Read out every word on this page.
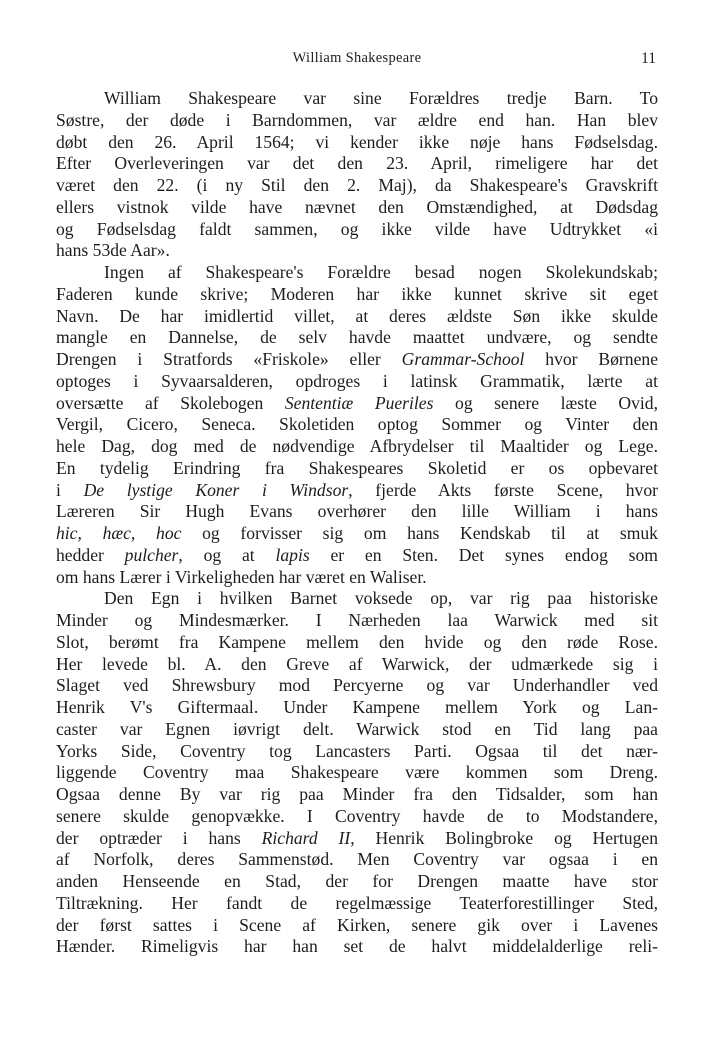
William Shakespeare	11
William Shakespeare var sine Forældres tredje Barn. To
Søstre, der døde i Barndommen, var ældre end han. Han blev
døbt den 26. April 1564; vi kender ikke nøje hans Fødselsdag.
Efter Overleveringen var det den 23. April, rimeligere har det
været den 22. (i ny Stil den 2. Maj), da Shakespeare's Gravskrift
ellers vistnok vilde have nævnet den Omstændighed, at Dødsdag
og Fødselsdag faldt sammen, og ikke vilde have Udtrykket «i
hans 53de Aar».
Ingen af Shakespeare's Forældre besad nogen Skolekundskab;
Faderen kunde skrive; Moderen har ikke kunnet skrive sit eget
Navn. De har imidlertid villet, at deres ældste Søn ikke skulde
mangle en Dannelse, de selv havde maattet undvære, og sendte
Drengen i Stratfords «Friskole» eller Grammar-School hvor Børnene
optoges i Syvaarsalderen, opdroges i latinsk Grammatik, lærte at
oversætte af Skolebogen Sententiæ Pueriles og senere læste Ovid,
Vergil, Cicero, Seneca. Skoletiden optog Sommer og Vinter den
hele Dag, dog med de nødvendige Afbrydelser til Maaltider og Lege.
En tydelig Erindring fra Shakespeares Skoletid er os opbevaret
i De lystige Koner i Windsor, fjerde Akts første Scene, hvor
Læreren Sir Hugh Evans overhører den lille William i hans
hic, hæc, hoc og forvisser sig om hans Kendskab til at smuk
hedder pulcher, og at lapis er en Sten. Det synes endog som
om hans Lærer i Virkeligheden har været en Waliser.
Den Egn i hvilken Barnet voksede op, var rig paa historiske
Minder og Mindesmærker. I Nærheden laa Warwick med sit
Slot, berømt fra Kampene mellem den hvide og den røde Rose.
Her levede bl. A. den Greve af Warwick, der udmærkede sig i
Slaget ved Shrewsbury mod Percyerne og var Underhandler ved
Henrik V's Giftermaal. Under Kampene mellem York og Lan-
caster var Egnen iøvrigt delt. Warwick stod en Tid lang paa
Yorks Side, Coventry tog Lancasters Parti. Ogsaa til det nær-
liggende Coventry maa Shakespeare være kommen som Dreng.
Ogsaa denne By var rig paa Minder fra den Tidsalder, som han
senere skulde genopvække. I Coventry havde de to Modstandere,
der optræder i hans Richard II, Henrik Bolingbroke og Hertugen
af Norfolk, deres Sammenstød. Men Coventry var ogsaa i en
anden Henseende en Stad, der for Drengen maatte have stor
Tiltrækning. Her fandt de regelmæssige Teaterforestillinger Sted,
der først sattes i Scene af Kirken, senere gik over i Lavenes
Hænder. Rimeligvis har han set de halvt middelalderlige reli-
